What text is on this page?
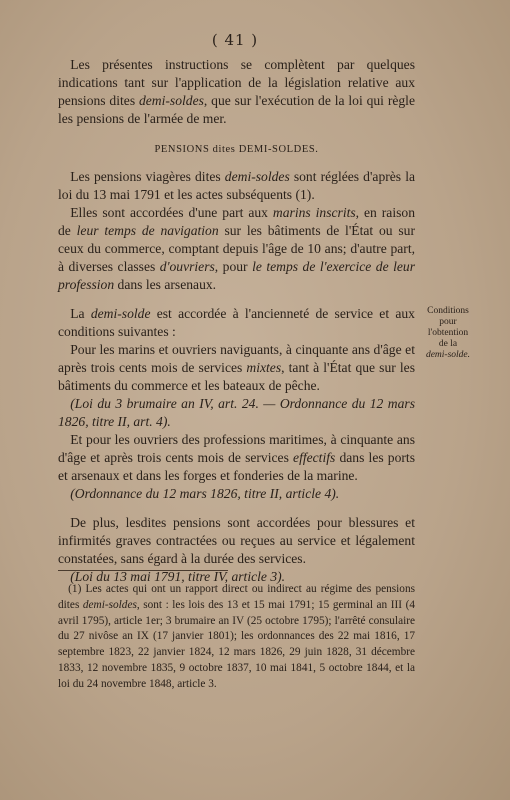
( 41 )

Les présentes instructions se complètent par quelques indications tant sur l'application de la législation relative aux pensions dites demi-soldes, que sur l'exécution de la loi qui règle les pensions de l'armée de mer.

PENSIONS dites DEMI-SOLDES.

Les pensions viagères dites demi-soldes sont réglées d'après la loi du 13 mai 1791 et les actes subséquents (1).

Elles sont accordées d'une part aux marins inscrits, en raison de leur temps de navigation sur les bâtiments de l'État ou sur ceux du commerce, comptant depuis l'âge de 10 ans; d'autre part, à diverses classes d'ouvriers, pour le temps de l'exercice de leur profession dans les arsenaux.

La demi-solde est accordée à l'ancienneté de service et aux conditions suivantes :

Pour les marins et ouvriers naviguants, à cinquante ans d'âge et après trois cents mois de services mixtes, tant à l'État que sur les bâtiments du commerce et les bateaux de pêche.

(Loi du 3 brumaire an IV, art. 24. — Ordonnance du 12 mars 1826, titre II, art. 4).

Et pour les ouvriers des professions maritimes, à cinquante ans d'âge et après trois cents mois de services effectifs dans les ports et arsenaux et dans les forges et fonderies de la marine.

(Ordonnance du 12 mars 1826, titre II, article 4).

De plus, lesdites pensions sont accordées pour blessures et infirmités graves contractées ou reçues au service et légalement constatées, sans égard à la durée des services.

(Loi du 13 mai 1791, titre IV, article 3).

Conditions
pour
l'obtention
de la
demi-solde.

(1) Les actes qui ont un rapport direct ou indirect au régime des pensions dites demi-soldes, sont : les lois des 13 et 15 mai 1791; 15 germinal an III (4 avril 1795), article 1er; 3 brumaire an IV (25 octobre 1795); l'arrêté consulaire du 27 nivôse an IX (17 janvier 1801); les ordonnances des 22 mai 1816, 17 septembre 1823, 22 janvier 1824, 12 mars 1826, 29 juin 1828, 31 décembre 1833, 12 novembre 1835, 9 octobre 1837, 10 mai 1841, 5 octobre 1844, et la loi du 24 novembre 1848, article 3.
